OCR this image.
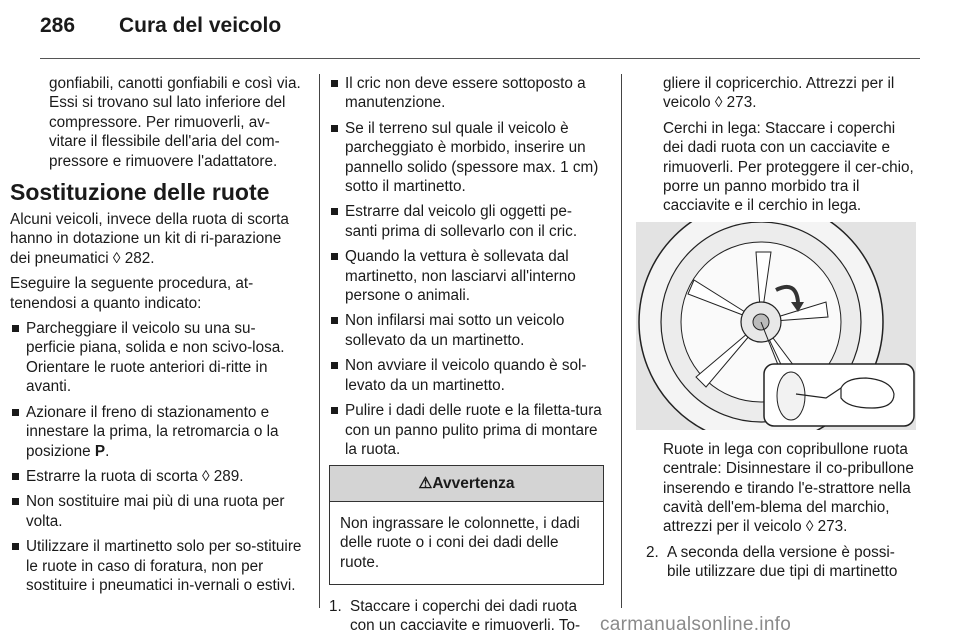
286 Cura del veicolo

gonfiabili, canotti gonfiabili e così via. Essi si trovano sul lato inferiore del compressore. Per rimuoverli, av-vitare il flessibile dell'aria del com-pressore e rimuovere l'adattatore.

Sostituzione delle ruote

Alcuni veicoli, invece della ruota di scorta hanno in dotazione un kit di ri-parazione dei pneumatici ◊ 282.

Eseguire la seguente procedura, at-tenendosi a quanto indicato:

Parcheggiare il veicolo su una su-perficie piana, solida e non scivo-losa. Orientare le ruote anteriori di-ritte in avanti.
Azionare il freno di stazionamento e innestare la prima, la retromarcia o la posizione P.
Estrarre la ruota di scorta ◊ 289.
Non sostituire mai più di una ruota per volta.
Utilizzare il martinetto solo per so-stituire le ruote in caso di foratura, non per sostituire i pneumatici in-vernali o estivi.
Il cric non deve essere sottoposto a manutenzione.
Se il terreno sul quale il veicolo è parcheggiato è morbido, inserire un pannello solido (spessore max. 1 cm) sotto il martinetto.
Estrarre dal veicolo gli oggetti pe-santi prima di sollevarlo con il cric.
Quando la vettura è sollevata dal martinetto, non lasciarvi all'interno persone o animali.
Non infilarsi mai sotto un veicolo sollevato da un martinetto.
Non avviare il veicolo quando è sol-levato da un martinetto.
Pulire i dadi delle ruote e la filetta-tura con un panno pulito prima di montare la ruota.
⚠Avvertenza
Non ingrassare le colonnette, i dadi delle ruote o i coni dei dadi delle ruote.
1. Staccare i coperchi dei dadi ruota con un cacciavite e rimuoverli. To-

gliere il copricerchio. Attrezzi per il veicolo ◊ 273.

Cerchi in lega: Staccare i coperchi dei dadi ruota con un cacciavite e rimuoverli. Per proteggere il cer-chio, porre un panno morbido tra il cacciavite e il cerchio in lega.

Ruote in lega con copribullone ruota centrale: Disinnestare il co-pribullone inserendo e tirando l'e-strattore nella cavità dell'em-blema del marchio, attrezzi per il veicolo ◊ 273.

2. A seconda della versione è possi-bile utilizzare due tipi di martinetto
carmanualsonline.info
